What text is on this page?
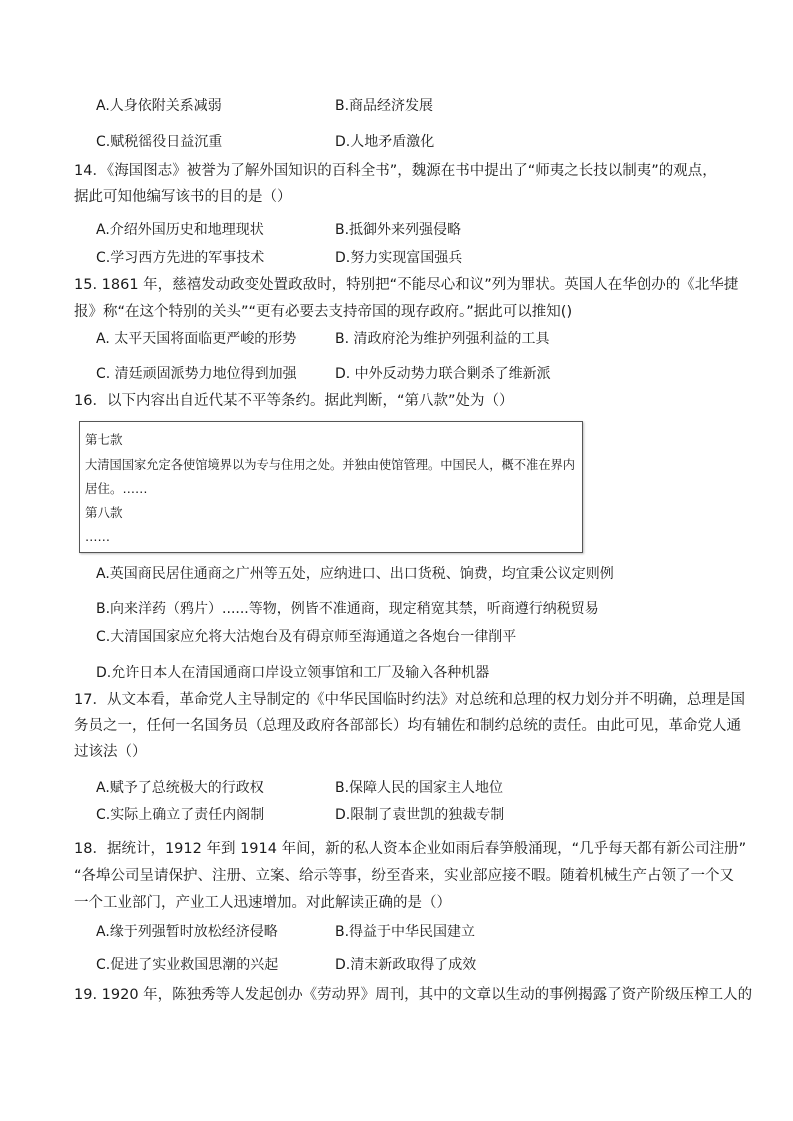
A.人身依附关系减弱	B.商品经济发展
C.赋税徭役日益沉重	D.人地矛盾激化
14．《海国图志》被誉为了解外国知识的百科全书”，魏源在书中提出了“师夷之长技以制夷”的观点，
据此可知他编写该书的目的是（）
A.介绍外国历史和地理现状	B.抵御外来列强侵略
C.学习西方先进的军事技术	D.努力实现富国强兵
15. 1861 年，慈禧发动政变处置政敌时，特别把“不能尽心和议”列为罪状。英国人在华创办的《北华捷
报》称“在这个特别的关头”“更有必要去支持帝国的现存政府。”据此可以推知()
A. 太平天国将面临更严峻的形势	B. 清政府沦为维护列强利益的工具
C. 清廷顽固派势力地位得到加强	D. 中外反动势力联合剿杀了维新派
16．以下内容出自近代某不平等条约。据此判断，“第八款”处为（）
第七款
大清国国家允定各使馆境界以为专与住用之处。并独由使馆管理。中国民人，概不准在界内
居住。……
第八款
……
A.英国商民居住通商之广州等五处，应纳进口、出口货税、饷费，均宜秉公议定则例
B.向来洋药（鸦片）......等物，例皆不准通商，现定稍宽其禁，听商遵行纳税贸易
C.大清国国家应允将大沽炮台及有碍京师至海通道之各炮台一律削平
D.允许日本人在清国通商口岸设立领事馆和工厂及输入各种机器
17．从文本看，革命党人主导制定的《中华民国临时约法》对总统和总理的权力划分并不明确，总理是国
务员之一，任何一名国务员（总理及政府各部部长）均有辅佐和制约总统的责任。由此可见，革命党人通
过该法（）
A.赋予了总统极大的行政权	B.保障人民的国家主人地位
C.实际上确立了责任内阁制	D.限制了袁世凯的独裁专制
18．据统计，1912 年到 1914 年间，新的私人资本企业如雨后春笋般涌现，“几乎每天都有新公司注册”
“各埠公司呈请保护、注册、立案、给示等事，纷至沓来，实业部应接不暇。随着机械生产占领了一个又
一个工业部门，产业工人迅速增加。对此解读正确的是（）
A.缘于列强暂时放松经济侵略	B.得益于中华民国建立
C.促进了实业救国思潮的兴起	D.清末新政取得了成效
19. 1920 年，陈独秀等人发起创办《劳动界》周刊，其中的文章以生动的事例揭露了资产阶级压榨工人的
